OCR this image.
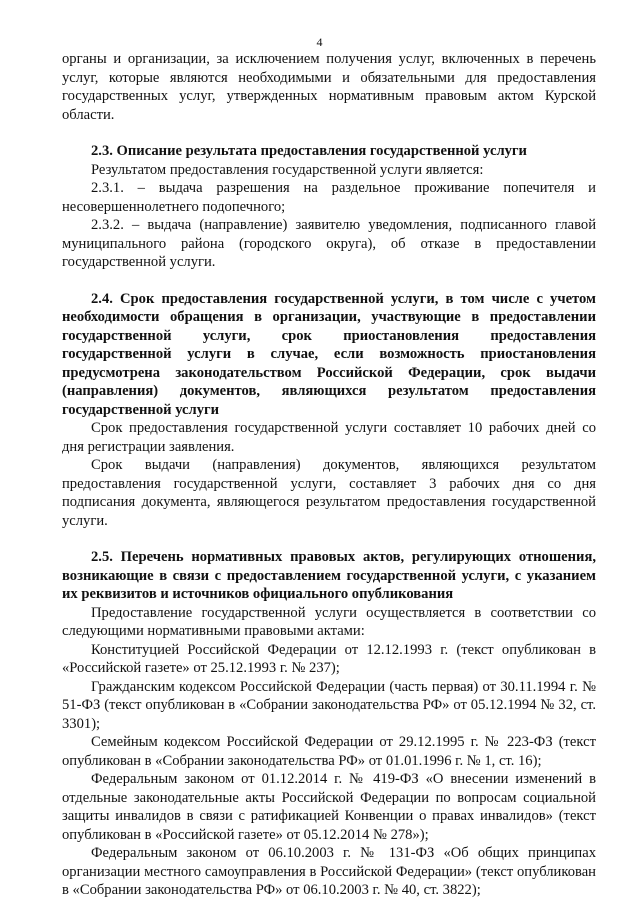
4

органы и организации, за исключением получения услуг, включенных в перечень услуг, которые являются необходимыми и обязательными для предоставления государственных услуг, утвержденных нормативным правовым актом Курской области.

2.3. Описание результата предоставления государственной услуги

Результатом предоставления государственной услуги является:

2.3.1. – выдача разрешения на раздельное проживание попечителя и несовершеннолетнего подопечного;

2.3.2. – выдача (направление) заявителю уведомления, подписанного главой муниципального района (городского округа), об отказе в предоставлении государственной услуги.

2.4. Срок предоставления государственной услуги, в том числе с учетом необходимости обращения в организации, участвующие в предоставлении государственной услуги, срок приостановления предоставления государственной услуги в случае, если возможность приостановления предусмотрена законодательством Российской Федерации, срок выдачи (направления) документов, являющихся результатом предоставления государственной услуги

Срок предоставления государственной услуги составляет 10 рабочих дней со дня регистрации заявления.

Срок выдачи (направления) документов, являющихся результатом предоставления государственной услуги, составляет 3 рабочих дня со дня подписания документа, являющегося результатом предоставления государственной услуги.

2.5. Перечень нормативных правовых актов, регулирующих отношения, возникающие в связи с предоставлением государственной услуги, с указанием их реквизитов и источников официального опубликования

Предоставление государственной услуги осуществляется в соответствии со следующими нормативными правовыми актами:

Конституцией Российской Федерации от 12.12.1993 г. (текст опубликован в «Российской газете» от 25.12.1993 г. № 237);

Гражданским кодексом Российской Федерации (часть первая) от 30.11.1994 г. № 51-ФЗ (текст опубликован в «Собрании законодательства РФ» от 05.12.1994 № 32, ст. 3301);

Семейным кодексом Российской Федерации от 29.12.1995 г. № 223-ФЗ (текст опубликован в «Собрании законодательства РФ» от 01.01.1996 г. № 1, ст. 16);

Федеральным законом от 01.12.2014 г. № 419-ФЗ «О внесении изменений в отдельные законодательные акты Российской Федерации по вопросам социальной защиты инвалидов в связи с ратификацией Конвенции о правах инвалидов» (текст опубликован в «Российской газете» от 05.12.2014 № 278»);

Федеральным законом от 06.10.2003 г. № 131-ФЗ «Об общих принципах организации местного самоуправления в Российской Федерации» (текст опубликован в «Собрании законодательства РФ» от 06.10.2003 г. № 40, ст. 3822);
